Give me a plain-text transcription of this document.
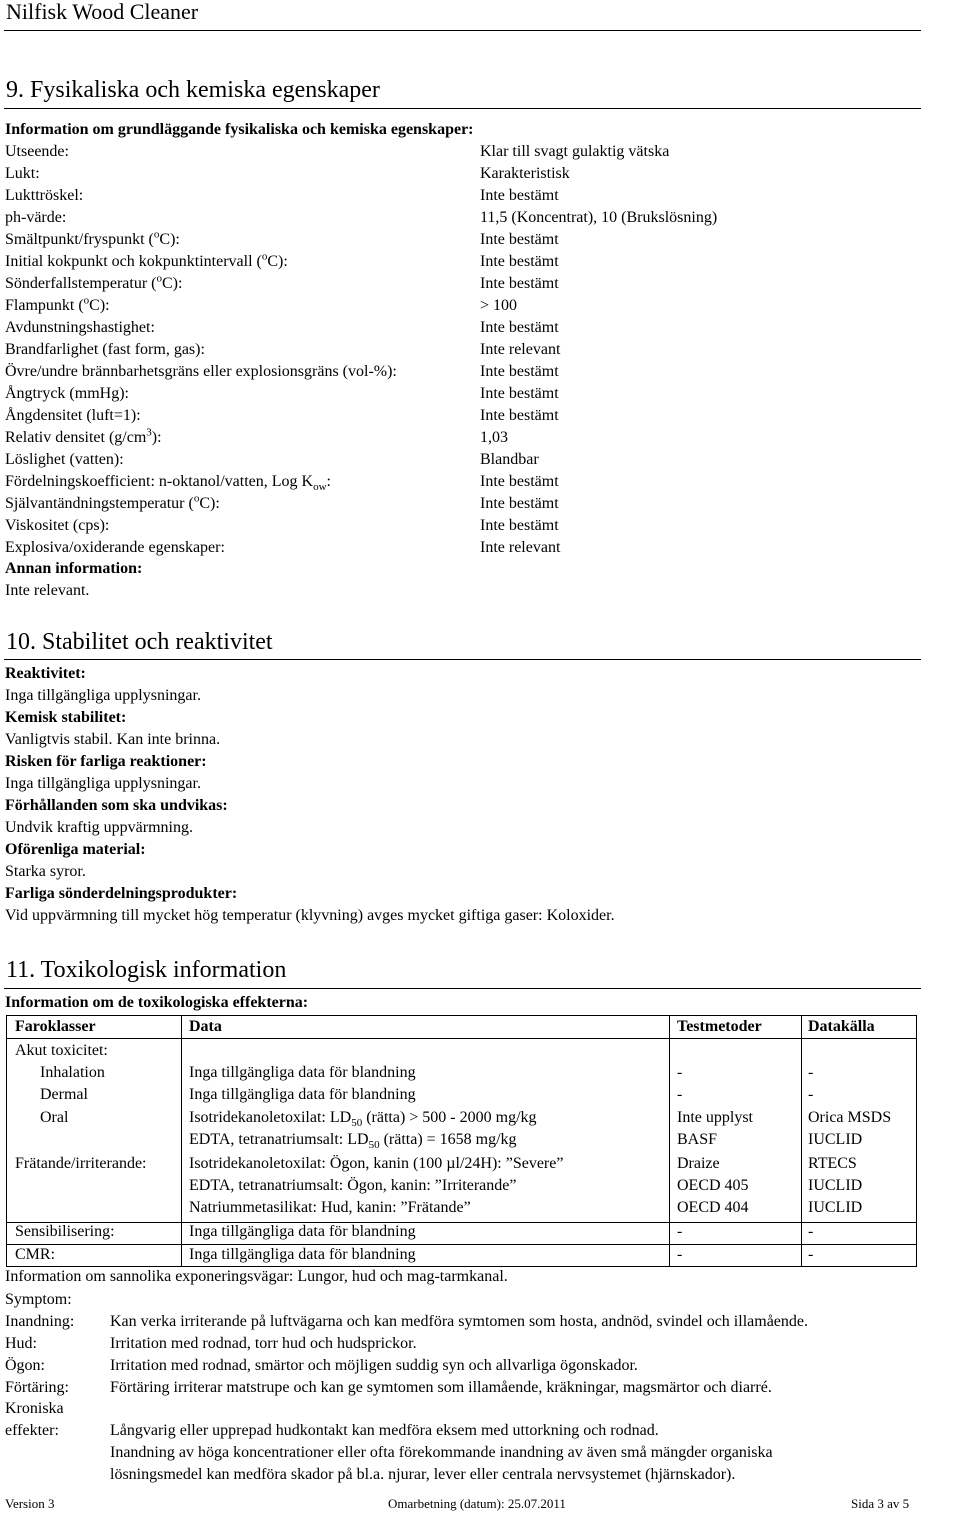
Nilfisk Wood Cleaner
9. Fysikaliska och kemiska egenskaper
Information om grundläggande fysikaliska och kemiska egenskaper:
Utseende:	Klar till svagt gulaktig vätska
Lukt:	Karakteristisk
Lukttröskel:	Inte bestämt
ph-värde:	11,5 (Koncentrat), 10 (Brukslösning)
Smältpunkt/fryspunkt ($^o$C):	Inte bestämt
Initial kokpunkt och kokpunktintervall ($^o$C):	Inte bestämt
Sönderfallstemperatur ($^o$C):	Inte bestämt
Flampunkt ($^o$C):	> 100
Avdunstningshastighet:	Inte bestämt
Brandfarlighet (fast form, gas):	Inte relevant
Övre/undre brännbarhetsgräns eller explosionsgräns (vol-%):	Inte bestämt
Ångtryck (mmHg):	Inte bestämt
Ångdensitet (luft=1):	Inte bestämt
Relativ densitet $(g/cm^3)$:	1,03
Löslighet (vatten):	Blandbar
Fördelningskoefficient: n-oktanol/vatten, Log $K_{ow}$:	Inte bestämt
Självantändningstemperatur ($^o$C):	Inte bestämt
Viskositet (cps):	Inte bestämt
Explosiva/oxiderande egenskaper:	Inte relevant
Annan information:
Inte relevant.
10. Stabilitet och reaktivitet
Reaktivitet:
Inga tillgängliga upplysningar.
Kemisk stabilitet:
Vanligtvis stabil. Kan inte brinna.
Risken för farliga reaktioner:
Inga tillgängliga upplysningar.
Förhållanden som ska undvikas:
Undvik kraftig uppvärmning.
Oförenliga material:
Starka syror.
Farliga sönderdelningsprodukter:
Vid uppvärmning till mycket hög temperatur (klyvning) avges mycket giftiga gaser: Koloxider.
11. Toxikologisk information
Information om de toxikologiska effekterna:
Faroklasser	Data	Testmetoder	Datakälla
Akut toxicitet:
Inhalation	Inga tillgängliga data för blandning	-	-
Dermal	Inga tillgängliga data för blandning	-	-
Oral	Isotridekanoletoxilat: $LD_{50}$ (rätta) > 500 - 2000 mg/kg	Inte upplyst	Orica MSDS
EDTA, tetranatriumsalt: $LD_{50}$ (rätta) = 1658 mg/kg	BASF	IUCLID
Frätande/irriterande:	Isotridekanoletoxilat: Ögon, kanin (100 µl/24H): ”Severe”	Draize	RTECS
EDTA, tetranatriumsalt: Ögon, kanin: ”Irriterande”	OECD 405	IUCLID
Natriummetasilikat: Hud, kanin: ”Frätande”	OECD 404	IUCLID
Sensibilisering:	Inga tillgängliga data för blandning	-	-
CMR:	Inga tillgängliga data för blandning	-	-
Information om sannolika exponeringsvägar: Lungor, hud och mag-tarmkanal.
Symptom:
Inandning: Kan verka irriterande på luftvägarna och kan medföra symtomen som hosta, andnöd, svindel och illamående.
Hud:	Irritation med rodnad, torr hud och hudsprickor.
Ögon:	Irritation med rodnad, smärtor och möjligen suddig syn och allvarliga ögonskador.
Förtäring:	Förtäring irriterar matstrupe och kan ge symtomen som illamående, kräkningar, magsmärtor och diarré.
Kroniska
effekter:	Långvarig eller upprepad hudkontakt kan medföra eksem med uttorkning och rodnad.
Inandning av höga koncentrationer eller ofta förekommande inandning av även små mängder organiska
lösningsmedel kan medföra skador på bl.a. njurar, lever eller centrala nervsystemet (hjärnskador).
Version 3	Omarbetning (datum): 25.07.2011	Sida 3 av 5
